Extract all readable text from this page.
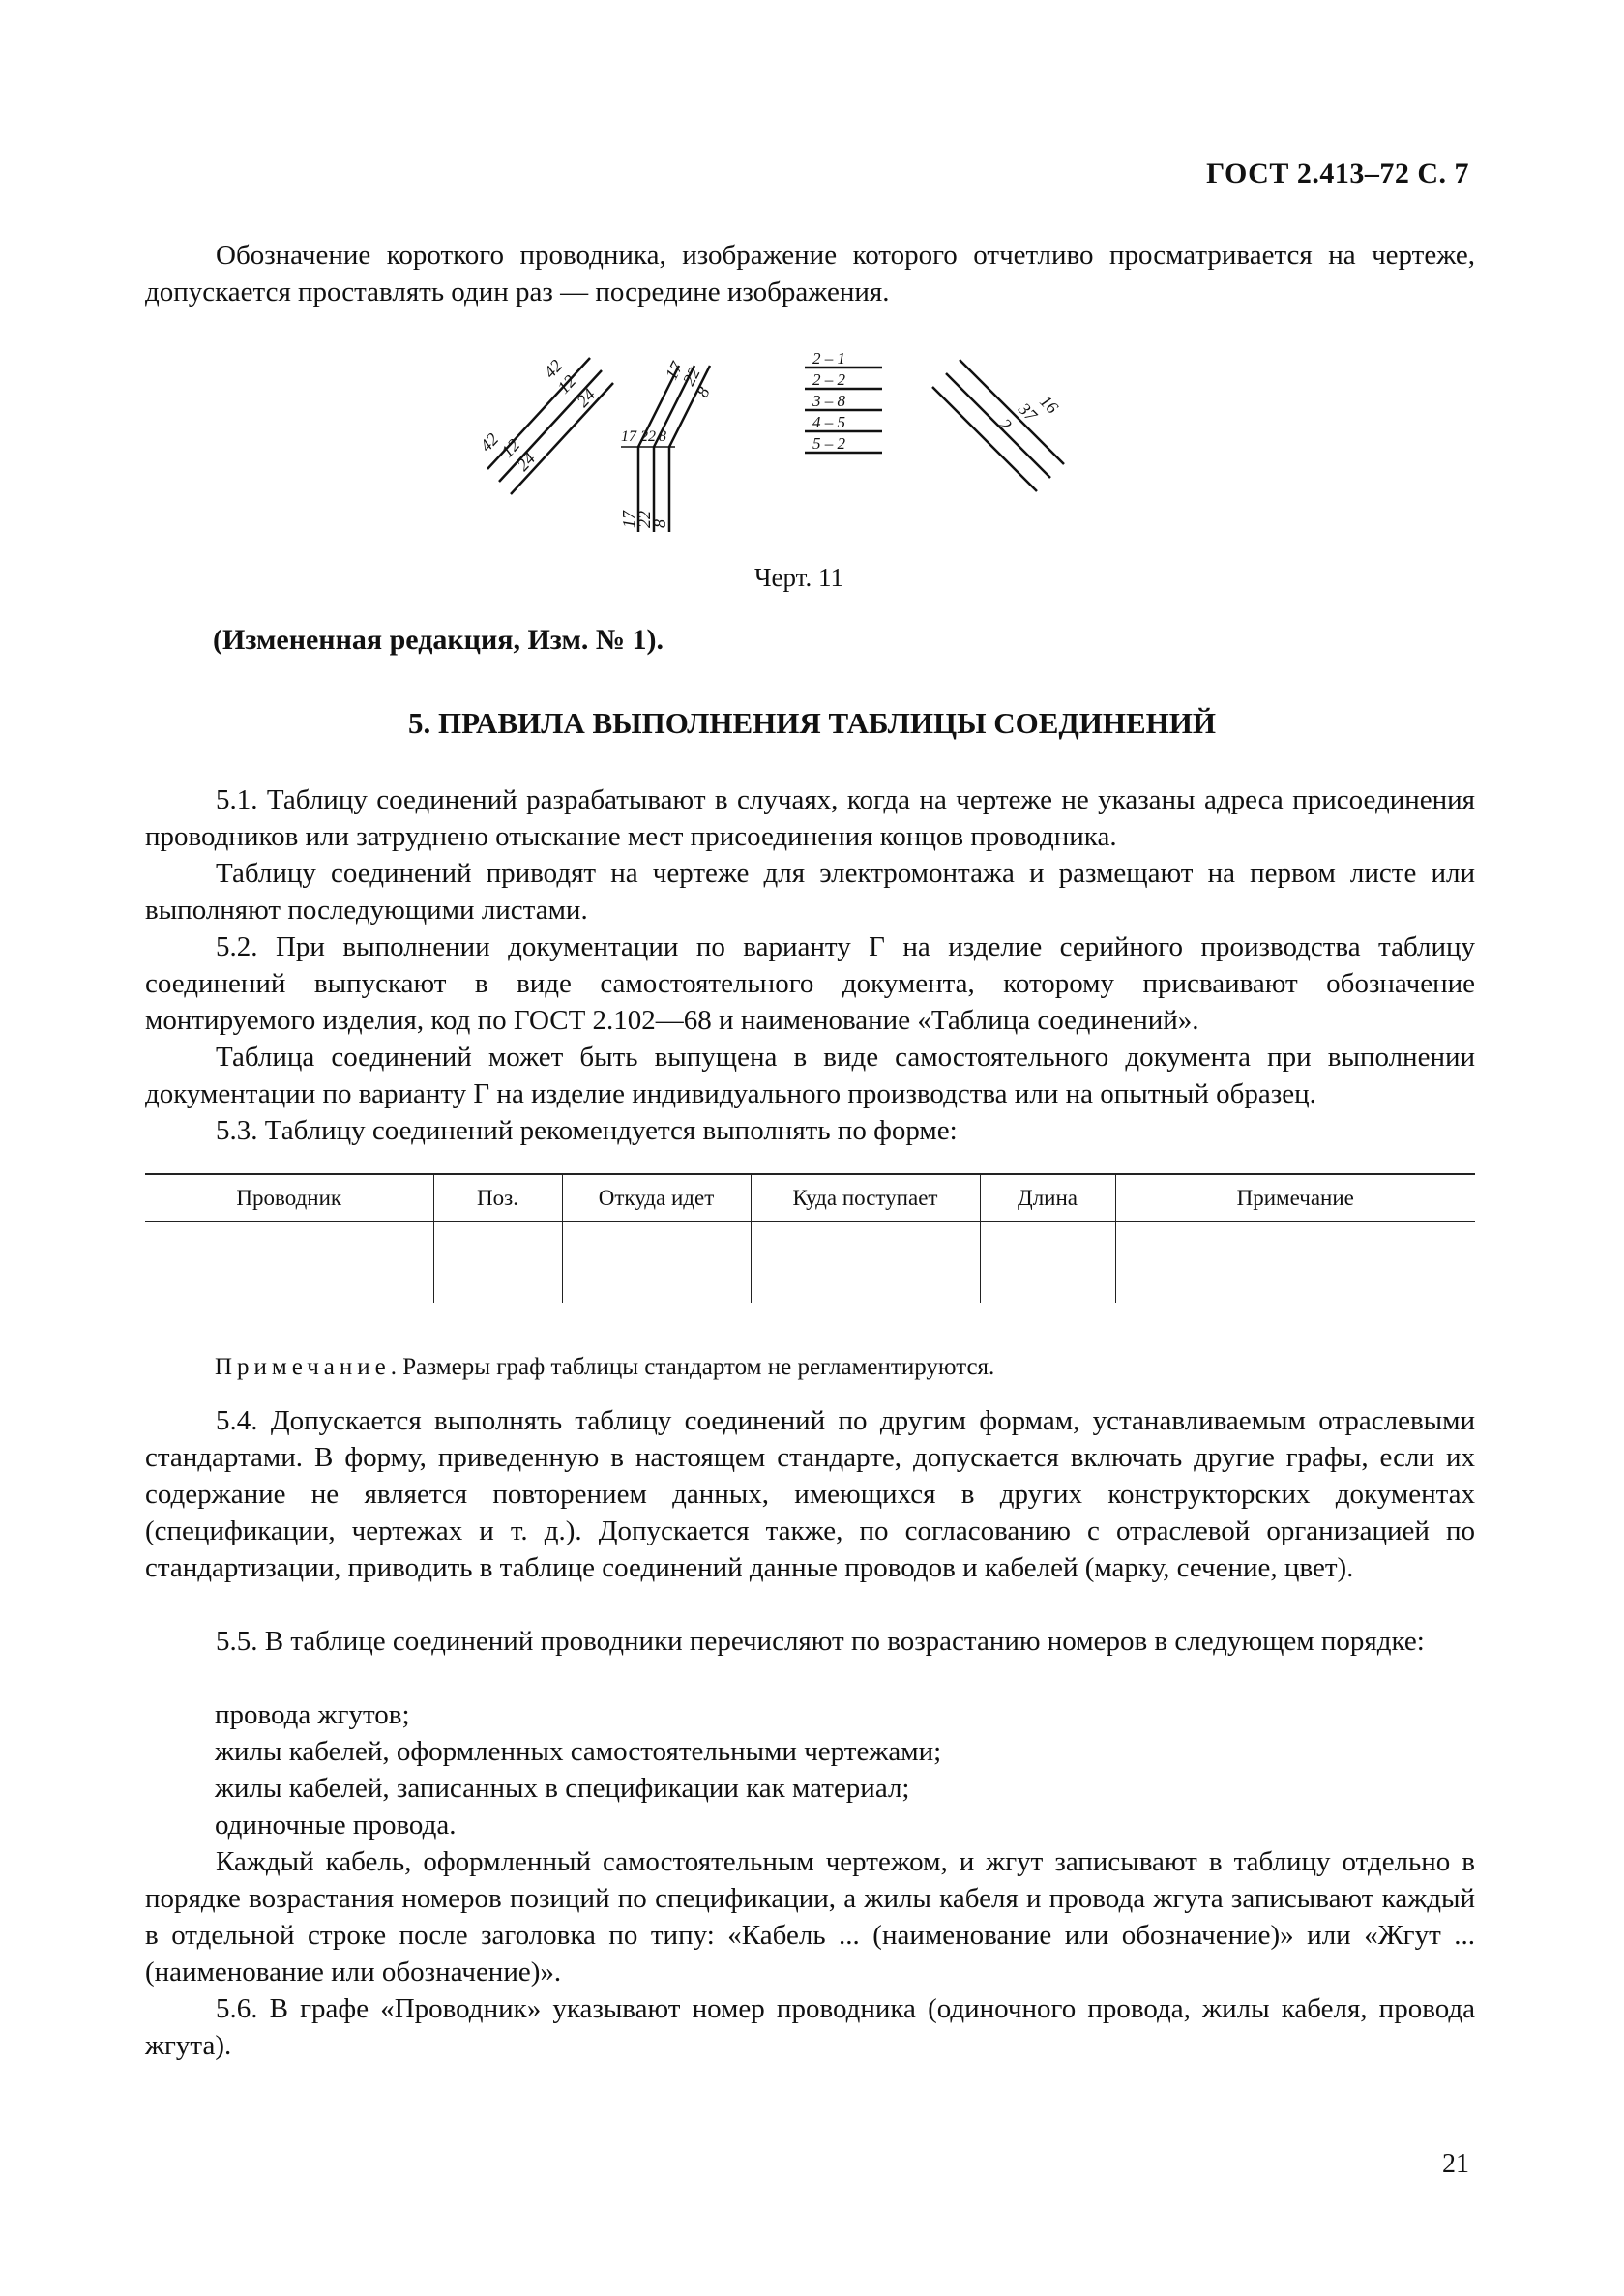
ГОСТ 2.413–72 С. 7
Обозначение короткого проводника, изображение которого отчетливо просматривается на чертеже, допускается проставлять один раз — посредине изображения.
42
12
24
42
12
24
17
22
8
17 22 8
17
22
8
2 – 1
2 – 2
3 – 8
4 – 5
5 – 2
16
37
2
Черт. 11
(Измененная редакция, Изм. № 1).
5. ПРАВИЛА ВЫПОЛНЕНИЯ ТАБЛИЦЫ СОЕДИНЕНИЙ
5.1. Таблицу соединений разрабатывают в случаях, когда на чертеже не указаны адреса присоединения проводников или затруднено отыскание мест присоединения концов проводника.
Таблицу соединений приводят на чертеже для электромонтажа и размещают на первом листе или выполняют последующими листами.
5.2. При выполнении документации по варианту Г на изделие серийного производства таблицу соединений выпускают в виде самостоятельного документа, которому присваивают обозначение монтируемого изделия, код по ГОСТ 2.102—68 и наименование «Таблица соединений».
Таблица соединений может быть выпущена в виде самостоятельного документа при выполнении документации по варианту Г на изделие индивидуального производства или на опытный образец.
5.3. Таблицу соединений рекомендуется выполнять по форме:
Проводник	Поз.	Откуда идет	Куда поступает	Длина	Примечание

Примечание. Размеры граф таблицы стандартом не регламентируются.
5.4. Допускается выполнять таблицу соединений по другим формам, устанавливаемым отраслевыми стандартами. В форму, приведенную в настоящем стандарте, допускается включать другие графы, если их содержание не является повторением данных, имеющихся в других конструкторских документах (спецификации, чертежах и т. д.). Допускается также, по согласованию с отраслевой организацией по стандартизации, приводить в таблице соединений данные проводов и кабелей (марку, сечение, цвет).
5.5. В таблице соединений проводники перечисляют по возрастанию номеров в следующем порядке:
провода жгутов;
жилы кабелей, оформленных самостоятельными чертежами;
жилы кабелей, записанных в спецификации как материал;
одиночные провода.
Каждый кабель, оформленный самостоятельным чертежом, и жгут записывают в таблицу отдельно в порядке возрастания номеров позиций по спецификации, а жилы кабеля и провода жгута записывают каждый в отдельной строке после заголовка по типу: «Кабель ... (наименование или обозначение)» или «Жгут ... (наименование или обозначение)».
5.6. В графе «Проводник» указывают номер проводника (одиночного провода, жилы кабеля, провода жгута).
21
